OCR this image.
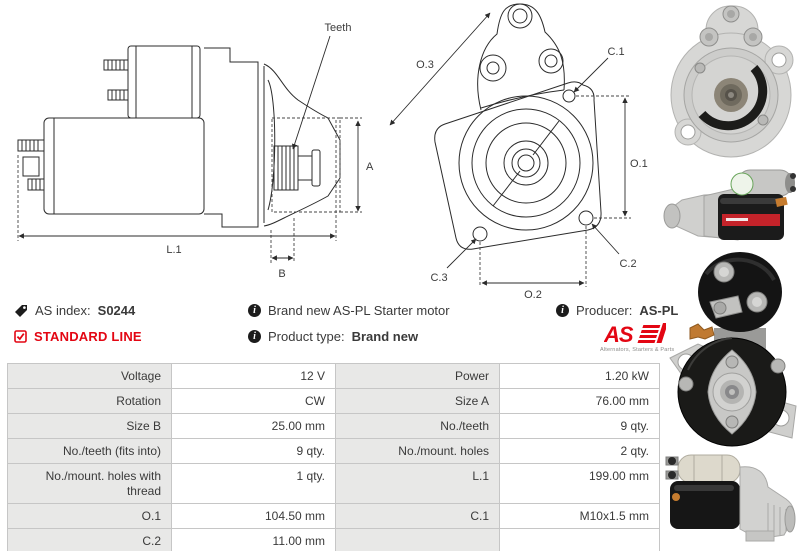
Teeth
A
L.1
B
O.3
C.1
O.1
C.2
C.3
O.2
AS index: S0244
STANDARD LINE
i
Brand new AS-PL Starter motor
i
Product type: Brand new
i
Producer: AS-PL
AS
Alternators, Starters & Parts
Voltage	12 V	Power	1.20 kW
Rotation	CW	Size A	76.00 mm
Size B	25.00 mm	No./teeth	9 qty.
No./teeth (fits into)	9 qty.	No./mount. holes	2 qty.
No./mount. holes with thread	1 qty.	L.1	199.00 mm
O.1	104.50 mm	C.1	M10x1.5 mm
C.2	11.00 mm		
